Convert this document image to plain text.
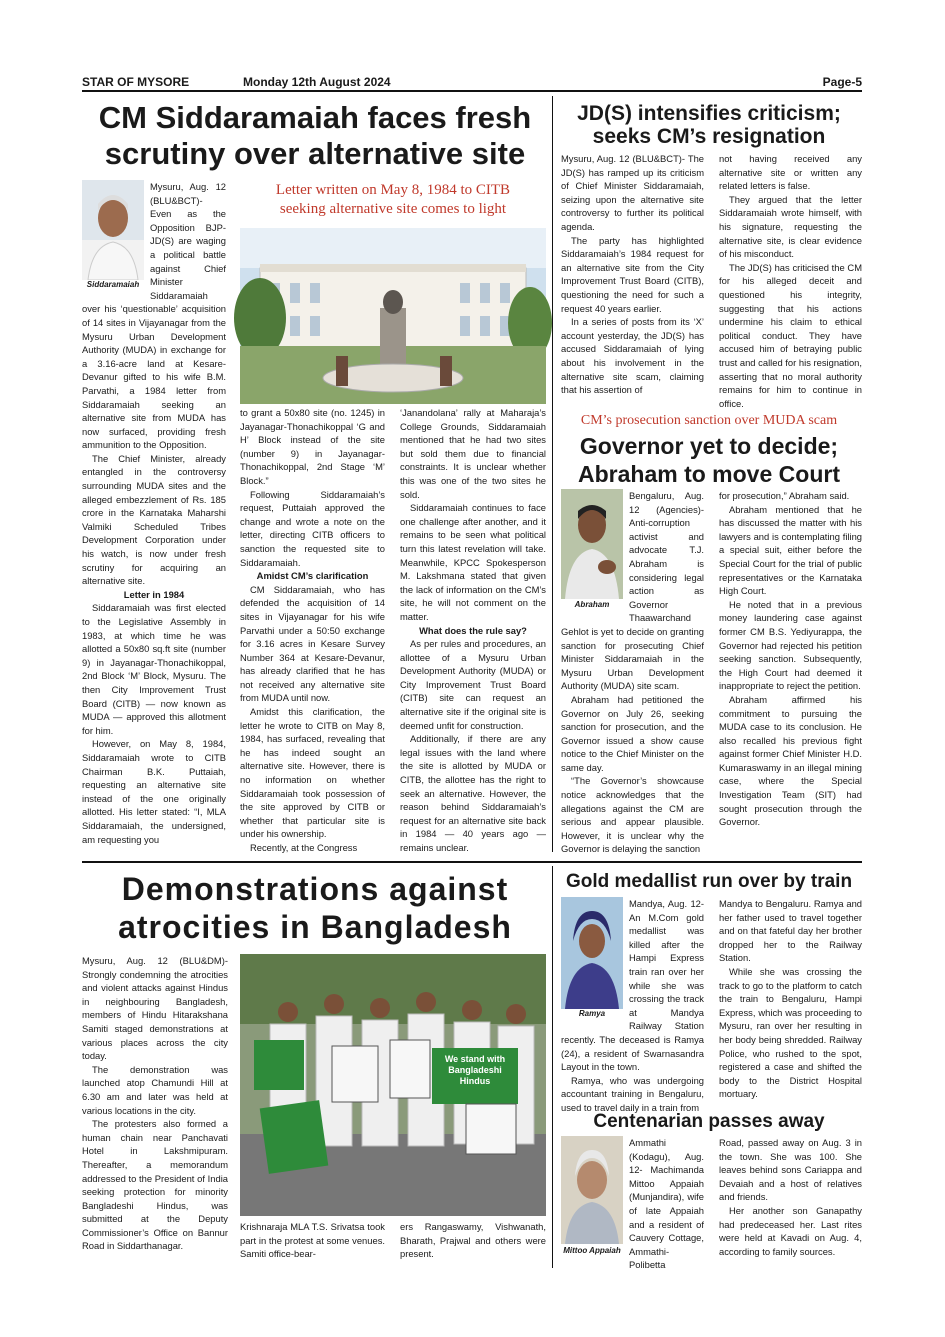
STAR OF MYSORE	Monday 12th August 2024	Page-5
CM Siddaramaiah faces fresh
scrutiny over alternative site
Siddaramaiah

Mysuru, Aug. 12 (BLU&BCT)- Even as the Opposition BJP-JD(S) are waging a political battle against Chief Minister Siddaramaiah over his ‘questionable’ acquisition of 14 sites in Vijayanagar from the Mysuru Urban Development Authority (MUDA) in exchange for a 3.16-acre land at Kesare-Devanur gifted to his wife B.M. Parvathi, a 1984 letter from Siddaramaiah seeking an alternative site from MUDA has now surfaced, providing fresh ammunition to the Opposition.

The Chief Minister, already entangled in the controversy surrounding MUDA sites and the alleged embezzlement of Rs. 185 crore in the Karnataka Maharshi Valmiki Scheduled Tribes Development Corporation under his watch, is now under fresh scrutiny for acquiring an alternative site.

Letter in 1984

Siddaramaiah was first elected to the Legislative Assembly in 1983, at which time he was allotted a 50x80 sq.ft site (number 9) in Jayanagar-Thonachikoppal, 2nd Block ‘M’ Block, Mysuru. The then City Improvement Trust Board (CITB) — now known as MUDA — approved this allotment for him.

However, on May 8, 1984, Siddaramaiah wrote to CITB Chairman B.K. Puttaiah, requesting an alternative site instead of the one originally allotted. His letter stated: “I, MLA Siddaramaiah, the undersigned, am requesting you

Letter written on May 8, 1984 to CITB
seeking alternative site comes to light

to grant a 50x80 site (no. 1245) in Jayanagar-Thonachikoppal ‘G and H’ Block instead of the site (number 9) in Jayanagar-Thonachikoppal, 2nd Stage ‘M’ Block.”

Following Siddaramaiah’s request, Puttaiah approved the change and wrote a note on the letter, directing CITB officers to sanction the requested site to Siddaramaiah.

Amidst CM’s clarification

CM Siddaramaiah, who has defended the acquisition of 14 sites in Vijayanagar for his wife Parvathi under a 50:50 exchange for 3.16 acres in Kesare Survey Number 364 at Kesare-Devanur, has already clarified that he has not received any alternative site from MUDA until now.

Amidst this clarification, the letter he wrote to CITB on May 8, 1984, has surfaced, revealing that he has indeed sought an alternative site. However, there is no information on whether Siddaramaiah took possession of the site approved by CITB or whether that particular site is under his ownership.

Recently, at the Congress

‘Janandolana’ rally at Maharaja’s College Grounds, Siddaramaiah mentioned that he had two sites but sold them due to financial constraints. It is unclear whether this was one of the two sites he sold.

Siddaramaiah continues to face one challenge after another, and it remains to be seen what political turn this latest revelation will take. Meanwhile, KPCC Spokesperson M. Lakshmana stated that given the lack of information on the CM’s site, he will not comment on the matter.

What does the rule say?

As per rules and procedures, an allottee of a Mysuru Urban Development Authority (MUDA) or City Improvement Trust Board (CITB) site can request an alternative site if the original site is deemed unfit for construction.

Additionally, if there are any legal issues with the land where the site is allotted by MUDA or CITB, the allottee has the right to seek an alternative. However, the reason behind Siddaramaiah’s request for an alternative site back in 1984 — 40 years ago — remains unclear.

JD(S) intensifies criticism;
seeks CM’s resignation

Mysuru, Aug. 12 (BLU&BCT)- The JD(S) has ramped up its criticism of Chief Minister Siddaramaiah, seizing upon the alternative site controversy to further its political agenda.

The party has highlighted Siddaramaiah’s 1984 request for an alternative site from the City Improvement Trust Board (CITB), questioning the need for such a request 40 years earlier.

In a series of posts from its ‘X’ account yesterday, the JD(S) has accused Siddaramaiah of lying about his involvement in the alternative site scam, claiming that his assertion of

not having received any alternative site or written any related letters is false.

They argued that the letter Siddaramaiah wrote himself, with his signature, requesting the alternative site, is clear evidence of his misconduct.

The JD(S) has criticised the CM for his alleged deceit and questioned his integrity, suggesting that his actions undermine his claim to ethical political conduct. They have accused him of betraying public trust and called for his resignation, asserting that no moral authority remains for him to continue in office.

CM’s prosecution sanction over MUDA scam
Governor yet to decide;
Abraham to move Court
Abraham

Bengaluru, Aug. 12 (Agencies)- Anti-corruption activist and advocate T.J. Abraham is considering legal action as Governor Thaawarchand Gehlot is yet to decide on granting sanction for prosecuting Chief Minister Siddaramaiah in the Mysuru Urban Development Authority (MUDA) site scam.

Abraham had petitioned the Governor on July 26, seeking sanction for prosecution, and the Governor issued a show cause notice to the Chief Minister on the same day.

“The Governor’s showcause notice acknowledges that the allegations against the CM are serious and appear plausible. However, it is unclear why the Governor is delaying the sanction

for prosecution,” Abraham said.

Abraham mentioned that he has discussed the matter with his lawyers and is contemplating filing a special suit, either before the Special Court for the trial of public representatives or the Karnataka High Court.

He noted that in a previous money laundering case against former CM B.S. Yediyurappa, the Governor had rejected his petition seeking sanction. Subsequently, the High Court had deemed it inappropriate to reject the petition.

Abraham affirmed his commitment to pursuing the MUDA case to its conclusion. He also recalled his previous fight against former Chief Minister H.D. Kumaraswamy in an illegal mining case, where the Special Investigation Team (SIT) had sought prosecution through the Governor.

Demonstrations against
atrocities in Bangladesh

Mysuru, Aug. 12 (BLU&DM)- Strongly condemning the atrocities and violent attacks against Hindus in neighbouring Bangladesh, members of Hindu Hitarakshana Samiti staged demonstrations at various places across the city today.

The demonstration was launched atop Chamundi Hill at 6.30 am and later was held at various locations in the city.

The protesters also formed a human chain near Panchavati Hotel in Lakshmipuram. Thereafter, a memorandum addressed to the President of India seeking protection for minority Bangladeshi Hindus, was submitted at the Deputy Commissioner’s Office on Bannur Road in Siddarthanagar.

We stand with Bangladeshi Hindus

Krishnaraja MLA T.S. Srivatsa took part in the protest at some venues. Samiti office-bear-

ers Rangaswamy, Vishwanath, Bharath, Prajwal and others were present.

Gold medallist run over by train
Ramya

Mandya, Aug. 12- An M.Com gold medallist was killed after the Hampi Express train ran over her while she was crossing the track at Mandya Railway Station recently. The deceased is Ramya (24), a resident of Swarnasandra Layout in the town.

Ramya, who was undergoing accountant training in Bengaluru, used to travel daily in a train from

Mandya to Bengaluru. Ramya and her father used to travel together and on that fateful day her brother dropped her to the Railway Station.

While she was crossing the track to go to the platform to catch the train to Bengaluru, Hampi Express, which was proceeding to Mysuru, ran over her resulting in her body being shredded. Railway Police, who rushed to the spot, registered a case and shifted the body to the District Hospital mortuary.

Centenarian passes away
Mittoo Appaiah

Ammathi (Kodagu), Aug. 12- Machimanda Mittoo Appaiah (Munjandira), wife of late Appaiah and a resident of Cauvery Cottage, Ammathi-Polibetta

Road, passed away on Aug. 3 in the town. She was 100. She leaves behind sons Cariappa and Devaiah and a host of relatives and friends.

Her another son Ganapathy had predeceased her. Last rites were held at Kavadi on Aug. 4, according to family sources.
